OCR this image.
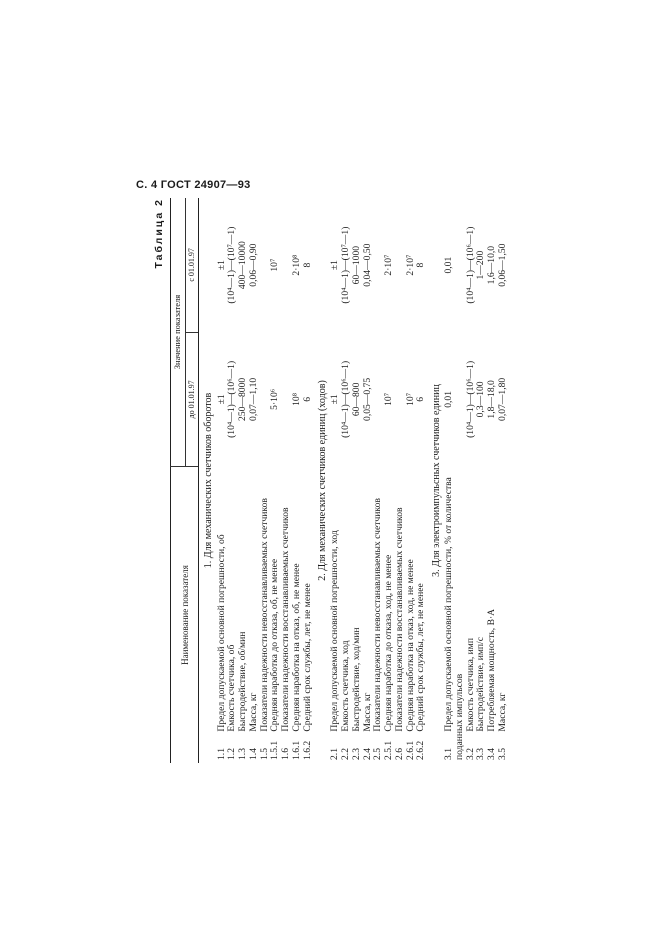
С. 4 ГОСТ 24907—93
Таблица 2
Наименование показателя	Значение показателя	
	до 01.01.97	с 01.01.97
1. Для механических счетчиков оборотов		
1.1 Предел допускаемой основной погрешности, об	±1	±1
1.2 Емкость счетчика, об	(10⁴—1)—(10⁶—1)	(10⁴—1)—(10⁷—1)
1.3 Быстродействие, об/мин	250—8000	400—10000
1.4 Масса, кг	0,07—1,10	0,06—0,90
1.5 Показатели надежности невосстанавливаемых счетчиков		
1.5.1 Средняя наработка до отказа, об, не менее	5·10⁶	10⁷
1.6 Показатели надежности восстанавливаемых счетчиков		
1.6.1 Средняя наработка на отказ, об, не менее	10⁸	2·10⁸
1.6.2 Средний срок службы, лет, не менее	6	8
2. Для механических счетчиков единиц (ходов)		
2.1 Предел допускаемой основной погрешности, ход	±1	±1
2.2 Емкость счетчика, ход	(10⁴—1)—(10⁶—1)	(10⁴—1)—(10⁷—1)
2.3 Быстродействие, ход/мин	60—800	60—1000
2.4 Масса, кг	0,05—0,75	0,04—0,50
2.5 Показатели надежности невосстанавливаемых счетчиков		
2.5.1 Средняя наработка до отказа, ход, не менее	10⁷	2·10⁷
2.6 Показатели надежности восстанавливаемых счетчиков		
2.6.1 Средняя наработка на отказ, ход, не менее	10⁷	2·10⁷
2.6.2 Средний срок службы, лет, не менее	6	8
3. Для электроимпульсных счетчиков единиц		
3.1 Предел допускаемой основной погрешности, % от количества поданных импульсов	0,01	0,01
3.2 Емкость счетчика, имп	(10⁴—1)—(10⁶—1)	(10⁴—1)—(10⁶—1)
3.3 Быстродействие, имп/с	0,3—100	1—200
3.4 Потребляемая мощность, В·А	1,8—18,0	1,6—10,0
3.5 Масса, кг	0,07—1,80	0,06—1,50
